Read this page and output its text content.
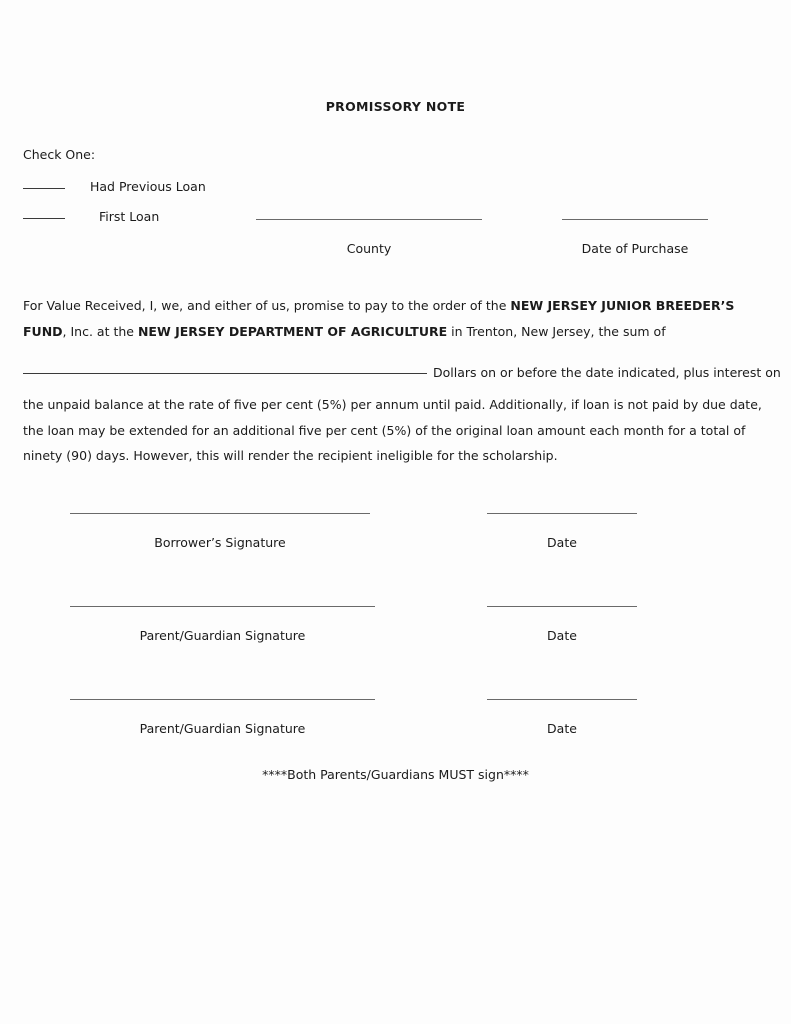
PROMISSORY NOTE
Check One:
Had Previous Loan
First Loan
County	Date of Purchase
For Value Received, I, we, and either of us, promise to pay to the order of the NEW JERSEY JUNIOR BREEDER’S FUND, Inc. at the NEW JERSEY DEPARTMENT OF AGRICULTURE in Trenton, New Jersey, the sum of
Dollars on or before the date indicated, plus interest on
the unpaid balance at the rate of five per cent (5%) per annum until paid. Additionally, if loan is not paid by due date, the loan may be extended for an additional five per cent (5%) of the original loan amount each month for a total of ninety (90) days. However, this will render the recipient ineligible for the scholarship.
Borrower’s Signature	Date
Parent/Guardian Signature	Date
Parent/Guardian Signature	Date
****Both Parents/Guardians MUST sign****
